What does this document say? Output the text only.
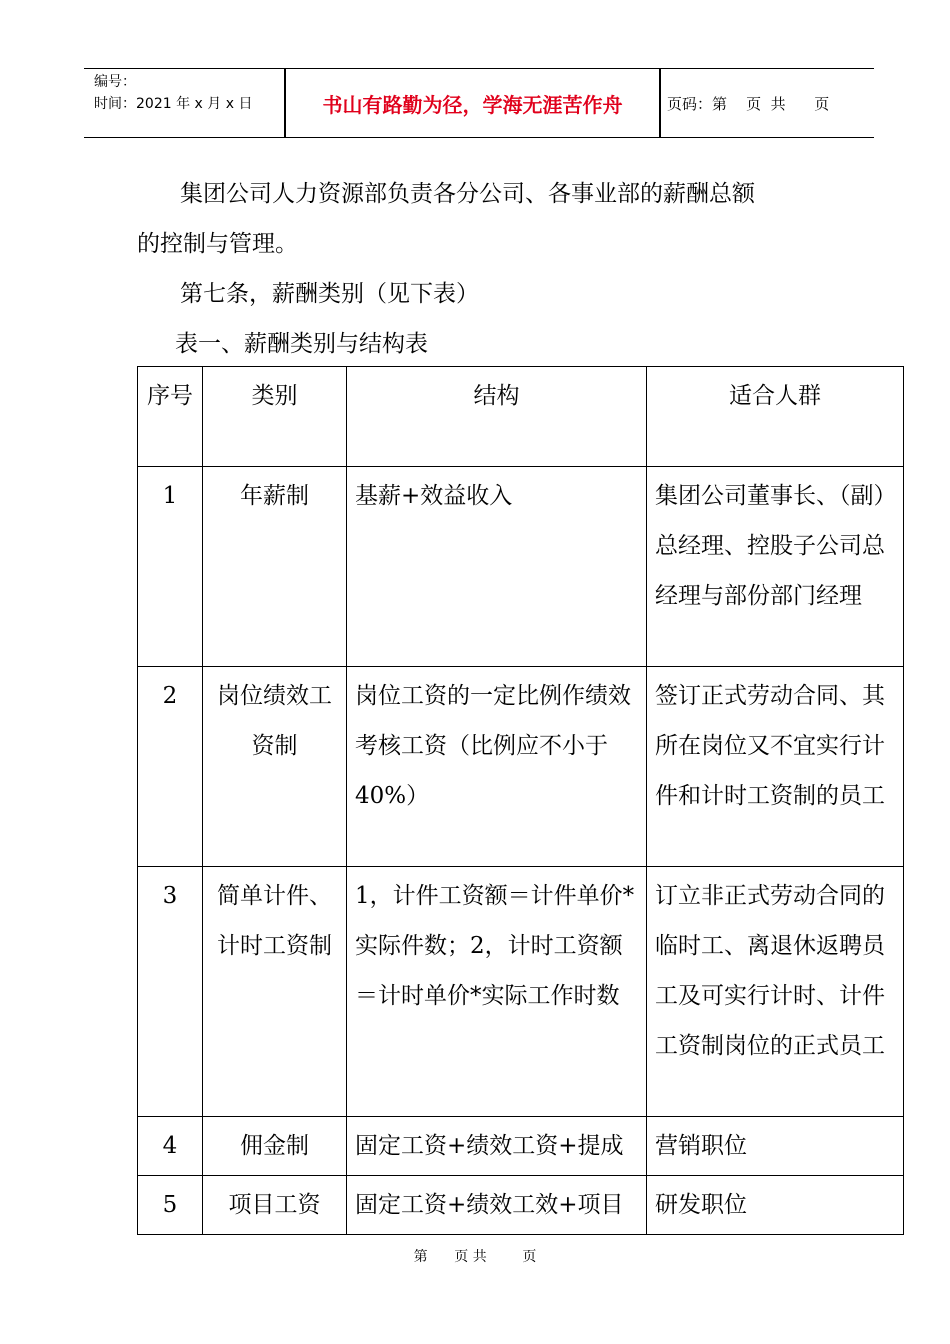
编号：
时间：2021 年 x 月 x 日	书山有路勤为径，学海无涯苦作舟	页码：第    页  共      页
集团公司人力资源部负责各分公司、各事业部的薪酬总额
的控制与管理。
第七条，薪酬类别（见下表）
表一、薪酬类别与结构表
序号	类别	结构	适合人群
1	年薪制	基薪+效益收入	集团公司董事长、（副）总经理、控股子公司总经理与部份部门经理
2	岗位绩效工资制	岗位工资的一定比例作绩效考核工资（比例应不小于 40%）	签订正式劳动合同、其所在岗位又不宜实行计件和计时工资制的员工
3	简单计件、计时工资制	1，计件工资额＝计件单价*实际件数；2，计时工资额＝计时单价*实际工作时数	订立非正式劳动合同的临时工、离退休返聘员工及可实行计时、计件工资制岗位的正式员工
4	佣金制	固定工资+绩效工资+提成	营销职位
5	项目工资	固定工资+绩效工效+项目	研发职位
第      页 共        页
